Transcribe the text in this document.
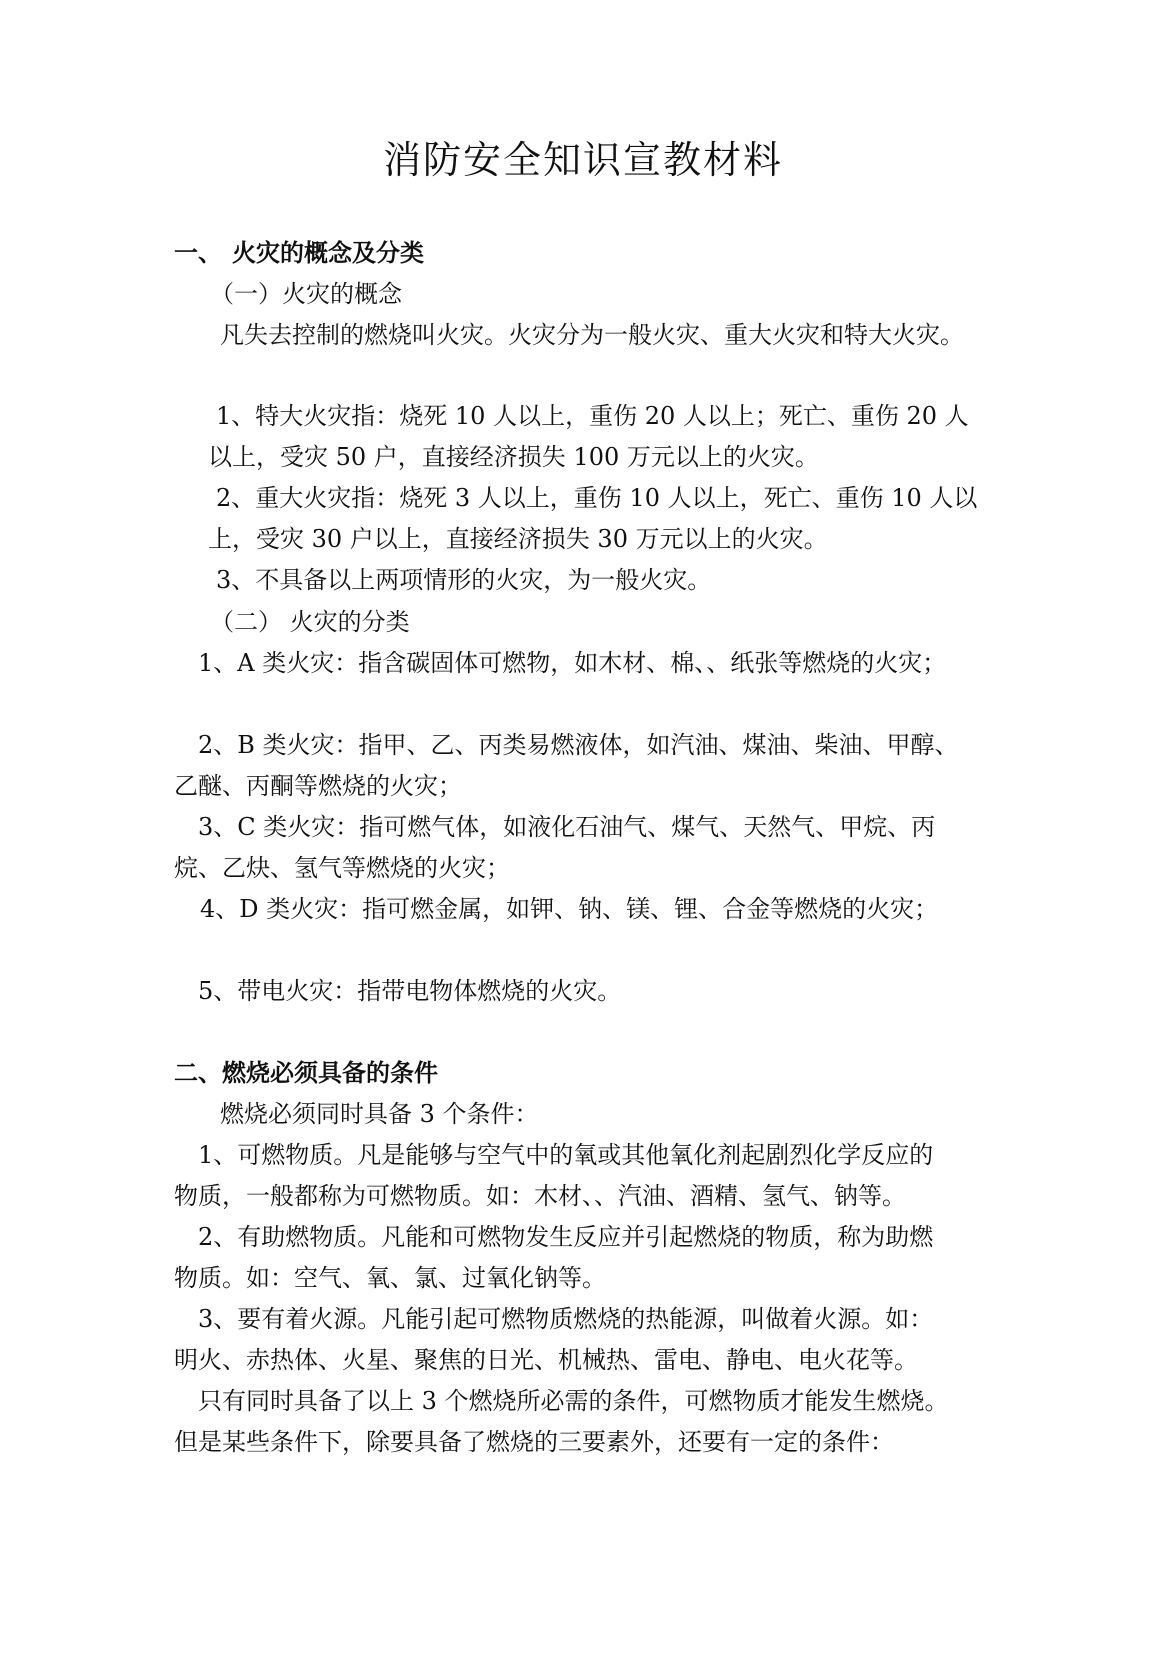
消防安全知识宣教材料
一、 火灾的概念及分类
（一）火灾的概念
凡失去控制的燃烧叫火灾。火灾分为一般火灾、重大火灾和特大火灾。
1、特大火灾指：烧死 10 人以上，重伤 20 人以上；死亡、重伤 20 人
以上，受灾 50 户，直接经济损失 100 万元以上的火灾。
2、重大火灾指：烧死 3 人以上，重伤 10 人以上，死亡、重伤 10 人以
上，受灾 30 户以上，直接经济损失 30 万元以上的火灾。
3、不具备以上两项情形的火灾，为一般火灾。
（二） 火灾的分类
1、A 类火灾：指含碳固体可燃物，如木材、棉、、纸张等燃烧的火灾；
2、B 类火灾：指甲、乙、丙类易燃液体，如汽油、煤油、柴油、甲醇、
乙醚、丙酮等燃烧的火灾；
3、C 类火灾：指可燃气体，如液化石油气、煤气、天然气、甲烷、丙
烷、乙炔、氢气等燃烧的火灾；
4、D 类火灾：指可燃金属，如钾、钠、镁、锂、合金等燃烧的火灾；
5、带电火灾：指带电物体燃烧的火灾。
二、燃烧必须具备的条件
燃烧必须同时具备 3 个条件：
1、可燃物质。凡是能够与空气中的氧或其他氧化剂起剧烈化学反应的
物质，一般都称为可燃物质。如：木材、、汽油、酒精、氢气、钠等。
2、有助燃物质。凡能和可燃物发生反应并引起燃烧的物质，称为助燃
物质。如：空气、氧、氯、过氧化钠等。
3、要有着火源。凡能引起可燃物质燃烧的热能源，叫做着火源。如：
明火、赤热体、火星、聚焦的日光、机械热、雷电、静电、电火花等。
只有同时具备了以上 3 个燃烧所必需的条件，可燃物质才能发生燃烧。
但是某些条件下，除要具备了燃烧的三要素外，还要有一定的条件：
